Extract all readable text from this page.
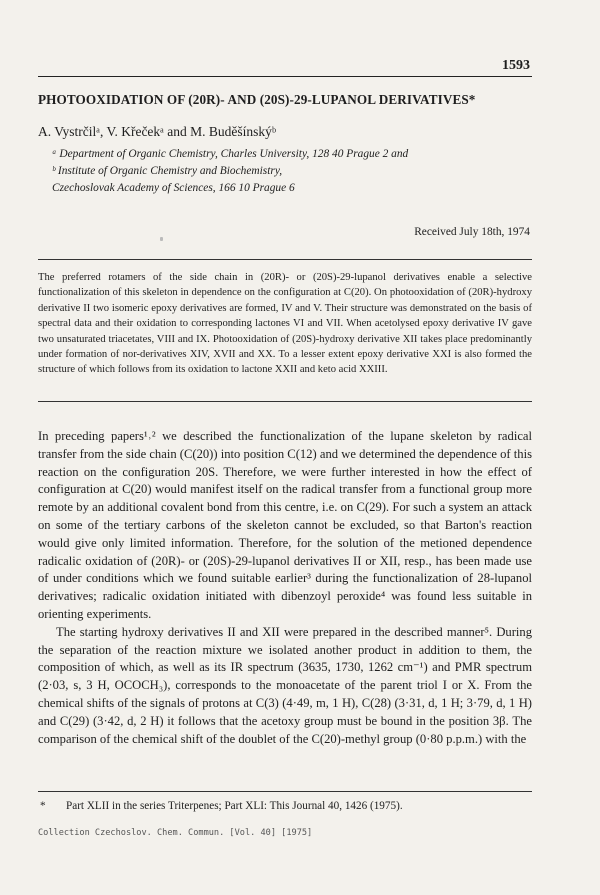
1593
PHOTOOXIDATION OF (20R)- AND (20S)-29-LUPANOL DERIVATIVES*
A. Vystrčilᵃ, V. Křečekᵃ and M. Buděšínskýᵇ
ᵃ Department of Organic Chemistry, Charles University, 128 40 Prague 2 and
ᵇ Institute of Organic Chemistry and Biochemistry,
Czechoslovak Academy of Sciences, 166 10 Prague 6
Received July 18th, 1974
The preferred rotamers of the side chain in (20R)- or (20S)-29-lupanol derivatives enable a selective functionalization of this skeleton in dependence on the configuration at C(20). On photooxidation of (20R)-hydroxy derivative II two isomeric epoxy derivatives are formed, IV and V. Their structure was demonstrated on the basis of spectral data and their oxidation to corresponding lactones VI and VII. When acetolysed epoxy derivative IV gave two unsaturated triacetates, VIII and IX. Photooxidation of (20S)-hydroxy derivative XII takes place predominantly under formation of nor-derivatives XIV, XVII and XX. To a lesser extent epoxy derivative XXI is also formed the structure of which follows from its oxidation to lactone XXII and keto acid XXIII.

In preceding papers¹˒² we described the functionalization of the lupane skeleton by radical transfer from the side chain (C(20)) into position C(12) and we determined the dependence of this reaction on the configuration 20S. Therefore, we were further interested in how the effect of configuration at C(20) would manifest itself on the radical transfer from a functional group more remote by an additional covalent bond from this centre, i.e. on C(29). For such a system an attack on some of the tertiary carbons of the skeleton cannot be excluded, so that Barton's reaction would give only limited information. Therefore, for the solution of the metioned dependence radicalic oxidation of (20R)- or (20S)-29-lupanol derivatives II or XII, resp., has been made use of under conditions which we found suitable earlier³ during the functionalization of 28-lupanol derivatives; radicalic oxidation initiated with dibenzoyl peroxide⁴ was found less suitable in orienting experiments.

The starting hydroxy derivatives II and XII were prepared in the described manner⁵. During the separation of the reaction mixture we isolated another product in addition to them, the composition of which, as well as its IR spectrum (3635, 1730, 1262 cm⁻¹) and PMR spectrum (2·03, s, 3 H, OCOCH₃), corresponds to the monoacetate of the parent triol I or X. From the chemical shifts of the signals of protons at C(3) (4·49, m, 1 H), C(28) (3·31, d, 1 H; 3·79, d, 1 H) and C(29) (3·42, d, 2 H) it follows that the acetoxy group must be bound in the position 3β. The comparison of the chemical shift of the doublet of the C(20)-methyl group (0·80 p.p.m.) with the

* Part XLII in the series Triterpenes; Part XLI: This Journal 40, 1426 (1975).
Collection Czechoslov. Chem. Commun. [Vol. 40] [1975]
